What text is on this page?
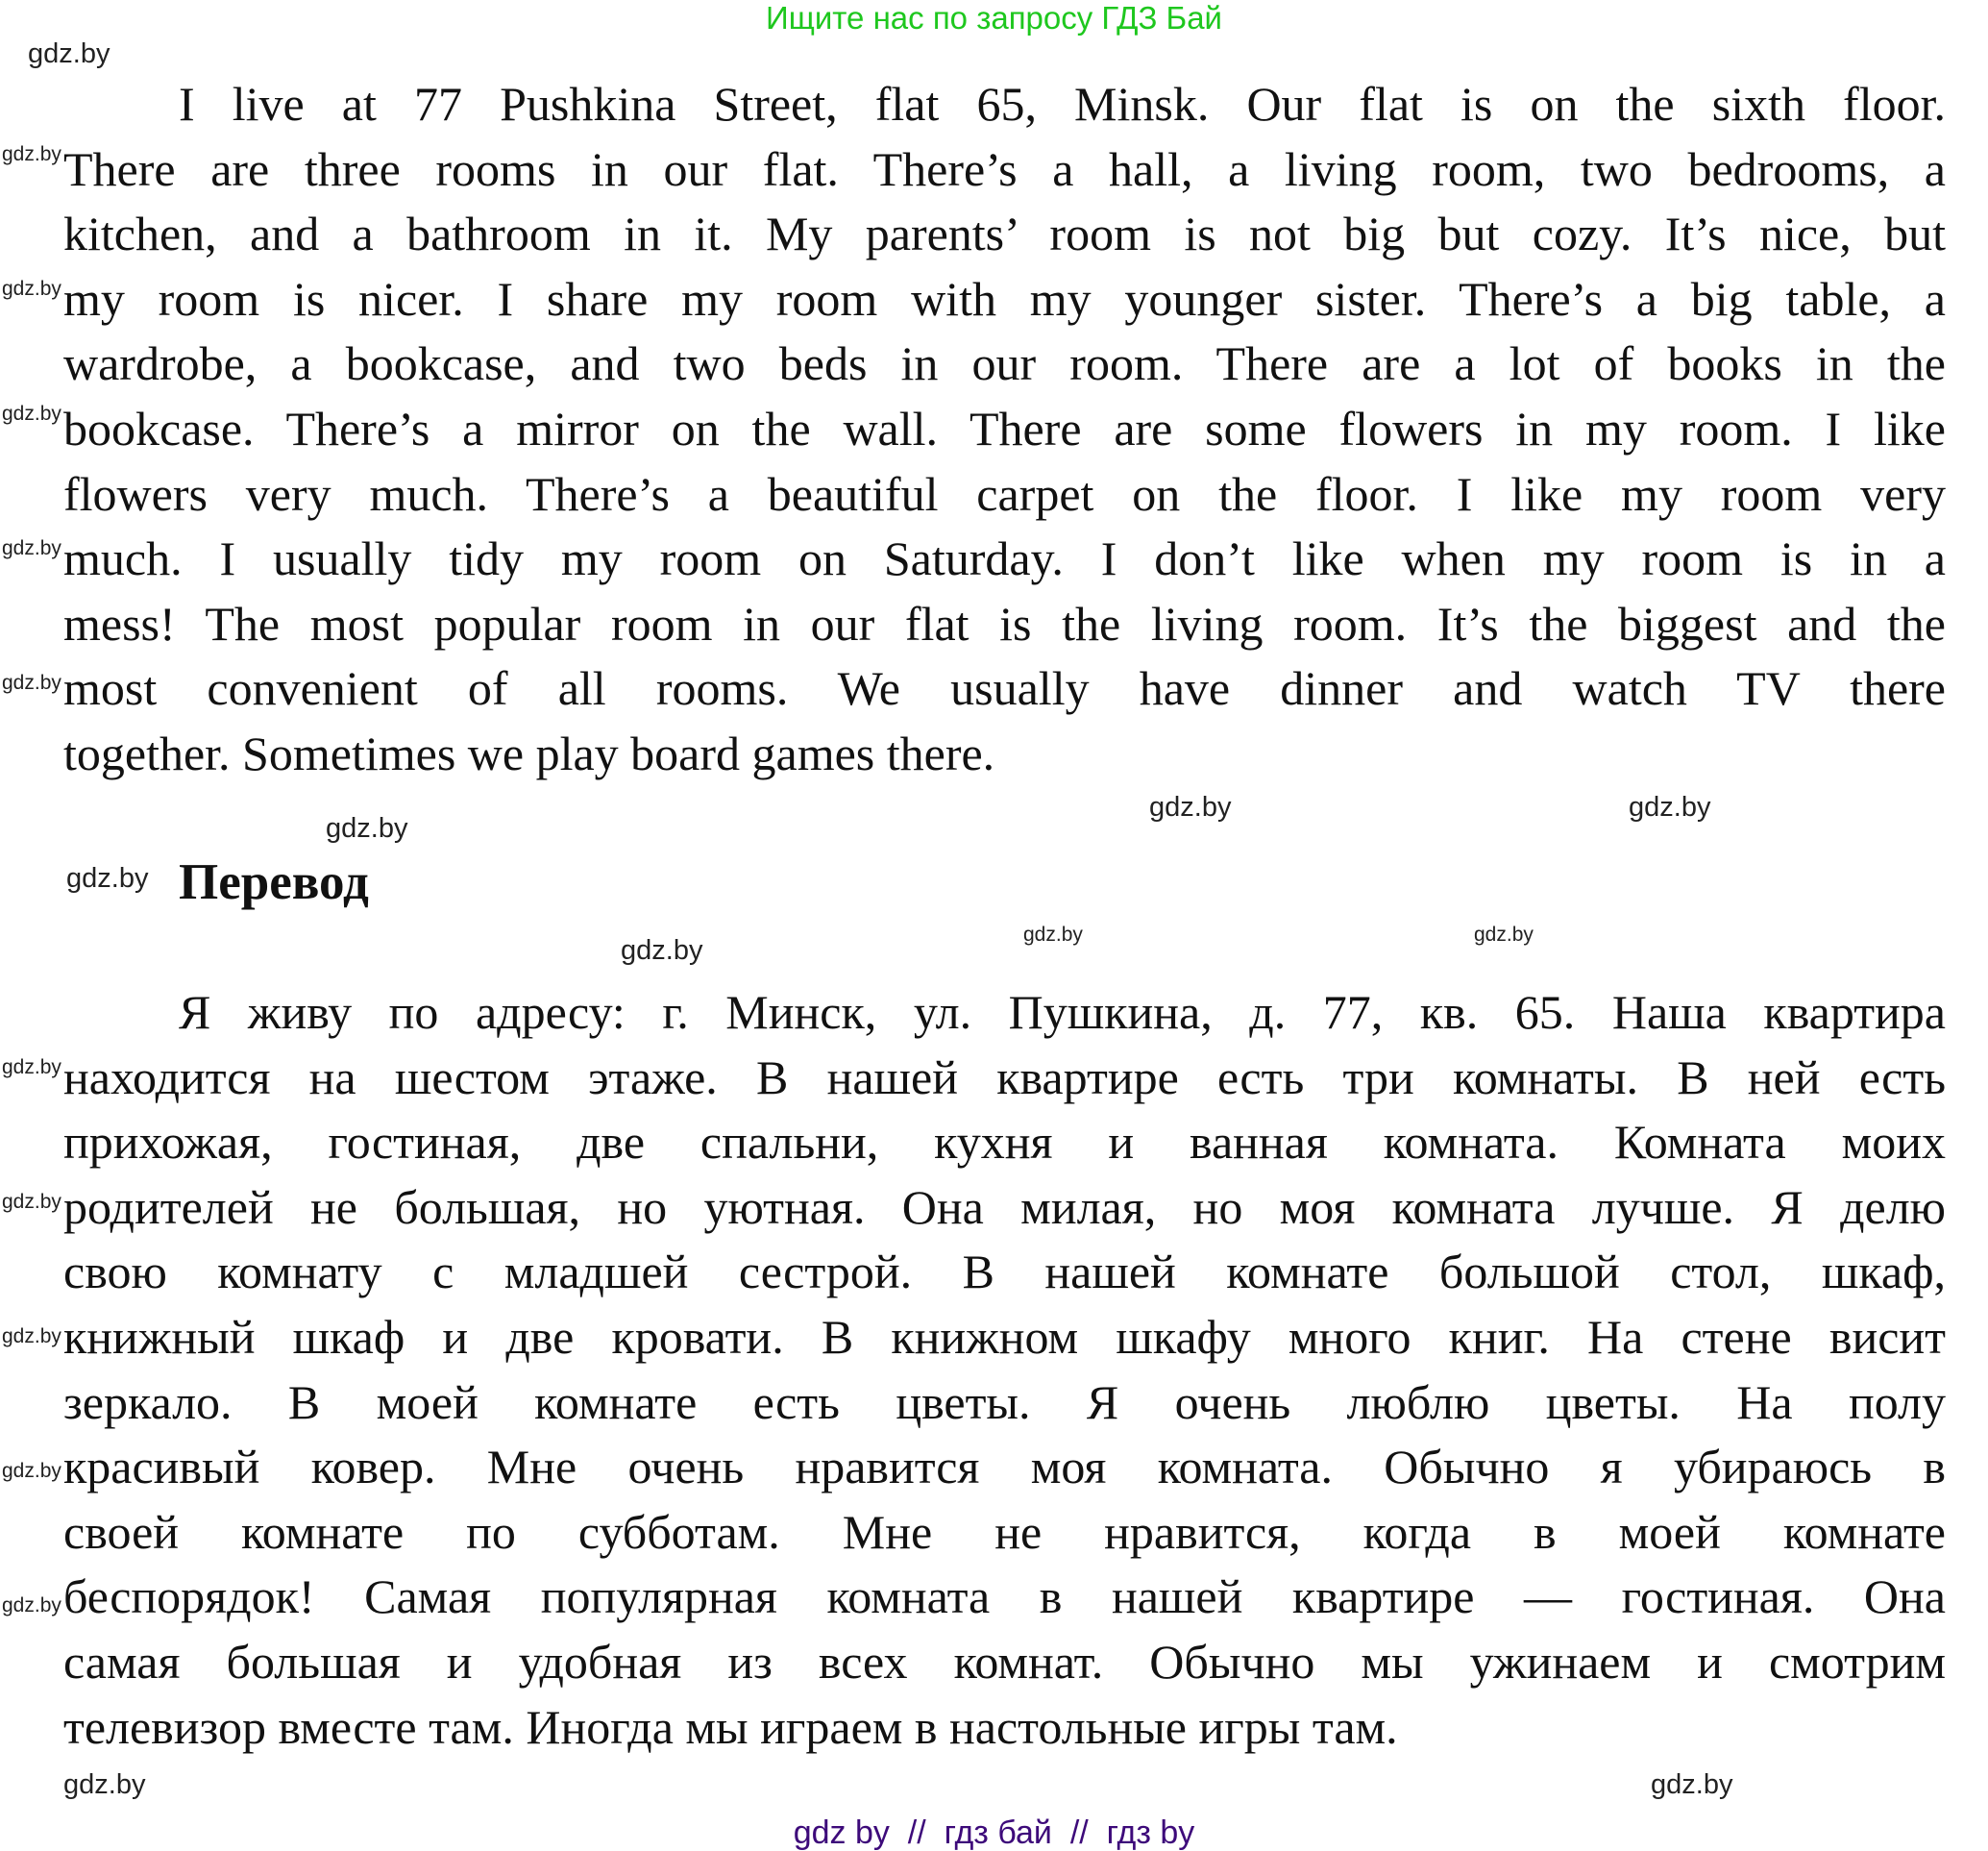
Ищите нас по запросу ГДЗ Бай
I live at 77 Pushkina Street, flat 65, Minsk. Our flat is on the sixth floor.
There are three rooms in our flat. There’s a hall, a living room, two bedrooms, a
kitchen, and a bathroom in it. My parents’ room is not big but cozy. It’s nice, but
my room is nicer. I share my room with my younger sister. There’s a big table, a
wardrobe, a bookcase, and two beds in our room. There are a lot of books in the
bookcase. There’s a mirror on the wall. There are some flowers in my room. I like
flowers very much. There’s a beautiful carpet on the floor. I like my room very
much. I usually tidy my room on Saturday. I don’t like when my room is in a
mess! The most popular room in our flat is the living room. It’s the biggest and the
most convenient of all rooms. We usually have dinner and watch TV there
together. Sometimes we play board games there.
Перевод
Я живу по адресу: г. Минск, ул. Пушкина, д. 77, кв. 65. Наша квартира
находится на шестом этаже. В нашей квартире есть три комнаты. В ней есть
прихожая, гостиная, две спальни, кухня и ванная комната. Комната моих
родителей не большая, но уютная. Она милая, но моя комната лучше. Я делю
свою комнату с младшей сестрой. В нашей комнате большой стол, шкаф,
книжный шкаф и две кровати. В книжном шкафу много книг. На стене висит
зеркало. В моей комнате есть цветы. Я очень люблю цветы. На полу
красивый ковер. Мне очень нравится моя комната. Обычно я убираюсь в
своей комнате по субботам. Мне не нравится, когда в моей комнате
беспорядок! Самая популярная комната в нашей квартире — гостиная. Она
самая большая и удобная из всех комнат. Обычно мы ужинаем и смотрим
телевизор вместе там. Иногда мы играем в настольные игры там.
gdz.by
gdz.by
gdz.by
gdz.by
gdz.by
gdz.by
gdz.by	gdz.by
gdz.by
gdz.by
gdz.by
gdz.by
gdz.by
gdz.by
gdz.by
gdz.by
gdz.by
gdz.by
gdz.by
gdz.by
gdz by  //  гдз бай  //  гдз by
